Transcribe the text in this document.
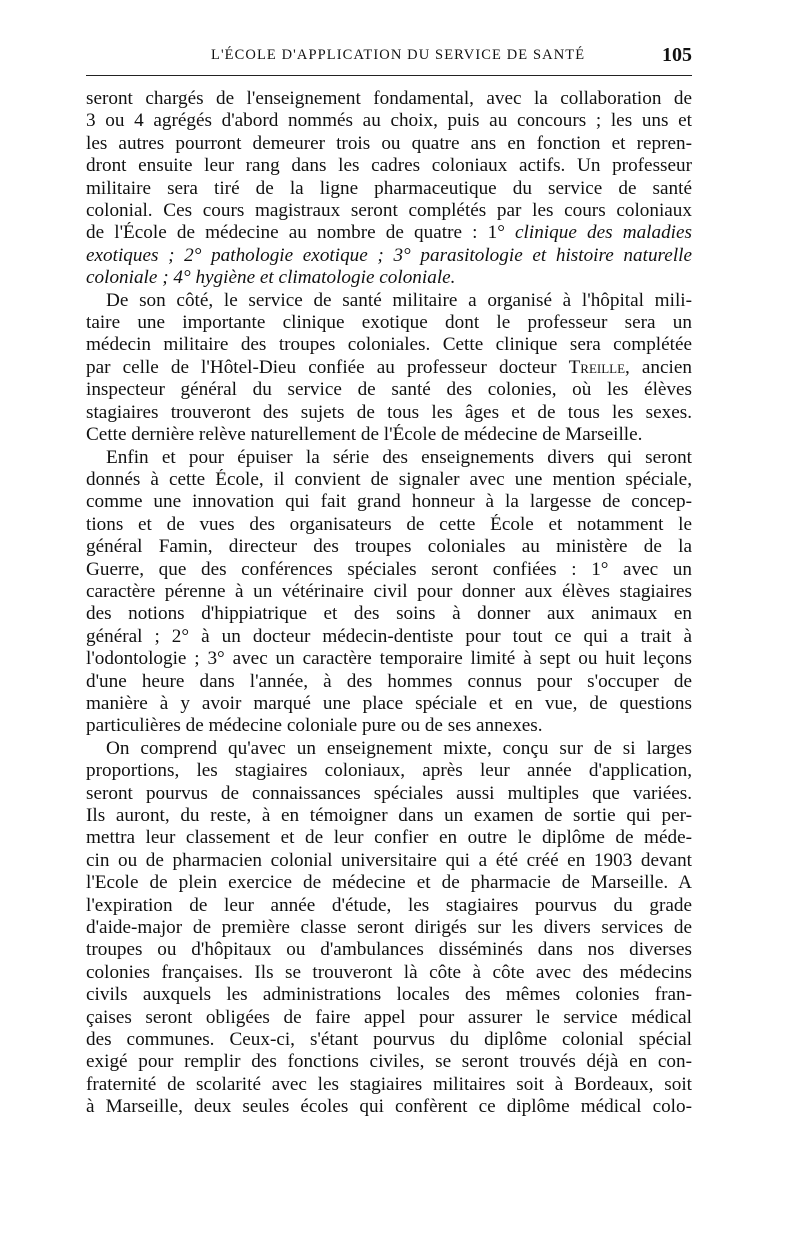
L'ÉCOLE D'APPLICATION DU SERVICE DE SANTÉ	105
seront chargés de l'enseignement fondamental, avec la collaboration de
3 ou 4 agrégés d'abord nommés au choix, puis au concours ; les uns et
les autres pourront demeurer trois ou quatre ans en fonction et repren-
dront ensuite leur rang dans les cadres coloniaux actifs. Un professeur
militaire sera tiré de la ligne pharmaceutique du service de santé
colonial. Ces cours magistraux seront complétés par les cours coloniaux
de l'École de médecine au nombre de quatre : 1° clinique des maladies
exotiques ; 2° pathologie exotique ; 3° parasitologie et histoire naturelle
coloniale ; 4° hygiène et climatologie coloniale.
De son côté, le service de santé militaire a organisé à l'hôpital mili-
taire une importante clinique exotique dont le professeur sera un
médecin militaire des troupes coloniales. Cette clinique sera complétée
par celle de l'Hôtel-Dieu confiée au professeur docteur Treille, ancien
inspecteur général du service de santé des colonies, où les élèves
stagiaires trouveront des sujets de tous les âges et de tous les sexes.
Cette dernière relève naturellement de l'École de médecine de Marseille.
Enfin et pour épuiser la série des enseignements divers qui seront
donnés à cette École, il convient de signaler avec une mention spéciale,
comme une innovation qui fait grand honneur à la largesse de concep-
tions et de vues des organisateurs de cette École et notamment le
général Famin, directeur des troupes coloniales au ministère de la
Guerre, que des conférences spéciales seront confiées : 1° avec un
caractère pérenne à un vétérinaire civil pour donner aux élèves stagiaires
des notions d'hippiatrique et des soins à donner aux animaux en
général ; 2° à un docteur médecin-dentiste pour tout ce qui a trait à
l'odontologie ; 3° avec un caractère temporaire limité à sept ou huit leçons
d'une heure dans l'année, à des hommes connus pour s'occuper de
manière à y avoir marqué une place spéciale et en vue, de questions
particulières de médecine coloniale pure ou de ses annexes.
On comprend qu'avec un enseignement mixte, conçu sur de si larges
proportions, les stagiaires coloniaux, après leur année d'application,
seront pourvus de connaissances spéciales aussi multiples que variées.
Ils auront, du reste, à en témoigner dans un examen de sortie qui per-
mettra leur classement et de leur confier en outre le diplôme de méde-
cin ou de pharmacien colonial universitaire qui a été créé en 1903 devant
l'Ecole de plein exercice de médecine et de pharmacie de Marseille. A
l'expiration de leur année d'étude, les stagiaires pourvus du grade
d'aide-major de première classe seront dirigés sur les divers services de
troupes ou d'hôpitaux ou d'ambulances disséminés dans nos diverses
colonies françaises. Ils se trouveront là côte à côte avec des médecins
civils auxquels les administrations locales des mêmes colonies fran-
çaises seront obligées de faire appel pour assurer le service médical
des communes. Ceux-ci, s'étant pourvus du diplôme colonial spécial
exigé pour remplir des fonctions civiles, se seront trouvés déjà en con-
fraternité de scolarité avec les stagiaires militaires soit à Bordeaux, soit
à Marseille, deux seules écoles qui confèrent ce diplôme médical colo-
